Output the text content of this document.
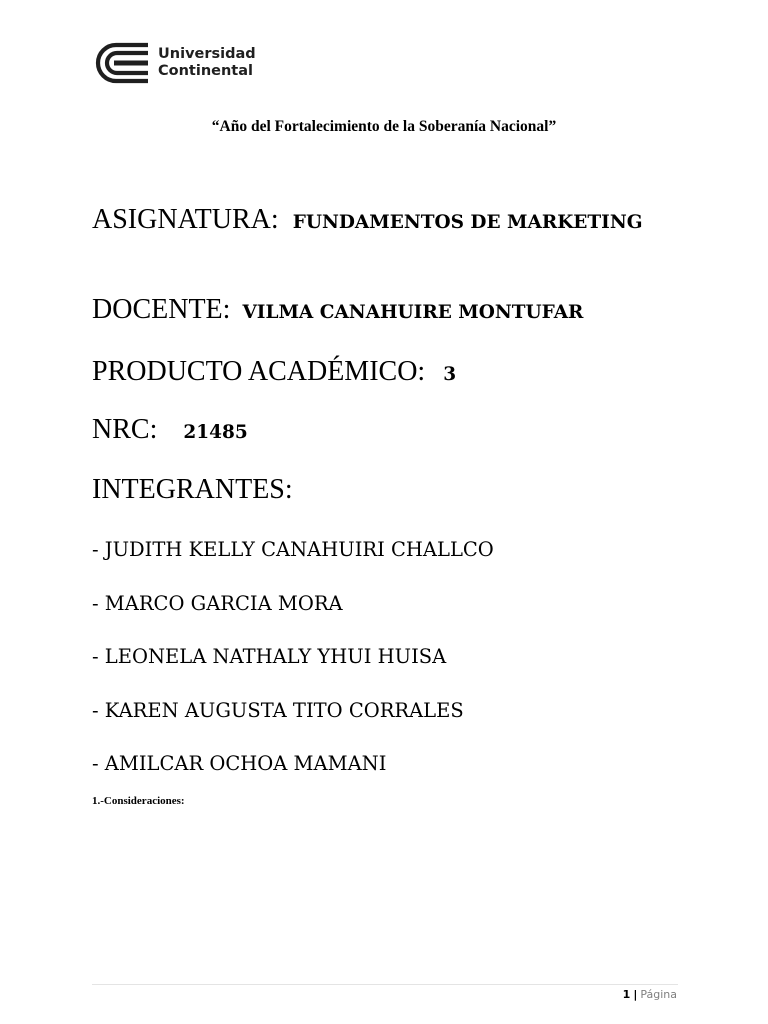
Universidad
Continental
“Año del Fortalecimiento de la Soberanía Nacional”
ASIGNATURA: FUNDAMENTOS DE MARKETING
DOCENTE: VILMA CANAHUIRE MONTUFAR
PRODUCTO ACADÉMICO: 3
NRC: 21485
INTEGRANTES:
- JUDITH KELLY CANAHUIRI CHALLCO
- MARCO GARCIA MORA
- LEONELA NATHALY YHUI HUISA
- KAREN AUGUSTA TITO CORRALES
- AMILCAR OCHOA MAMANI
1.-Consideraciones:
1 | Página
